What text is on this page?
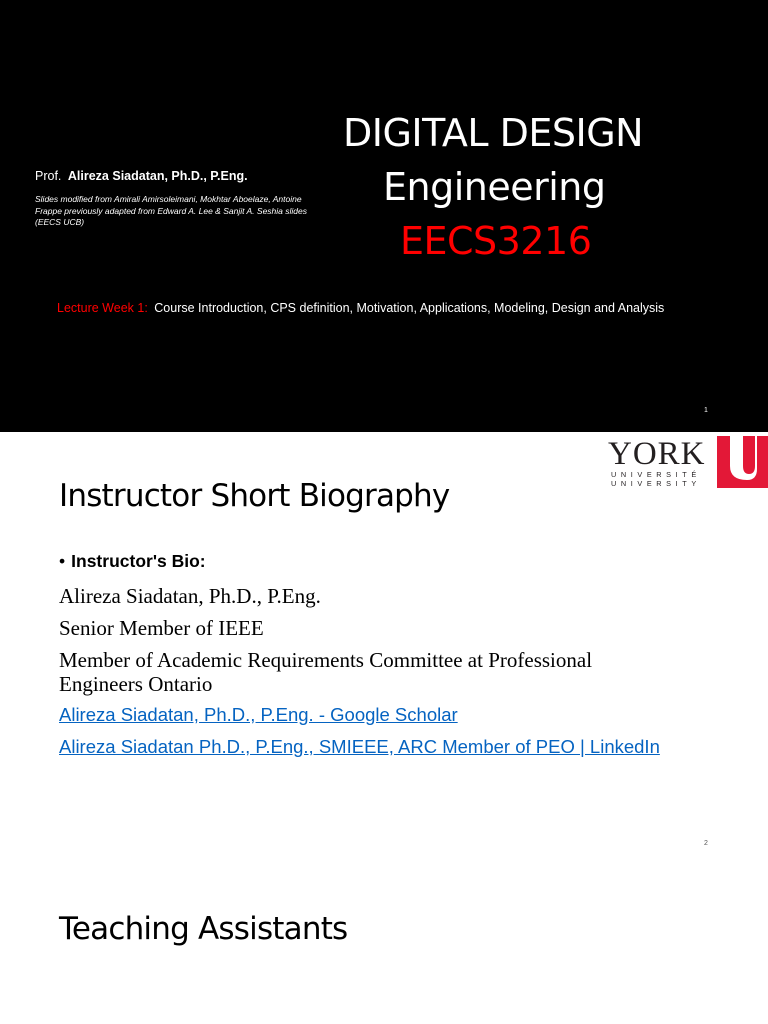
Prof. Alireza Siadatan, Ph.D., P.Eng.
Slides modified from Amirali Amirsoleimani, Mokhtar Aboelaze, Antoine Frappe previously adapted from Edward A. Lee & Sanjit A. Seshia slides (EECS UCB)
DIGITAL DESIGN
Engineering
EECS3216
Lecture Week 1: Course Introduction, CPS definition, Motivation, Applications, Modeling, Design and Analysis
1
YORK
UNIVERSITÉ
UNIVERSITY
Instructor Short Biography
• Instructor's Bio:
Alireza Siadatan, Ph.D., P.Eng.
Senior Member of IEEE
Member of Academic Requirements Committee at Professional
Engineers Ontario
Alireza Siadatan, Ph.D., P.Eng. - Google Scholar
Alireza Siadatan Ph.D., P.Eng., SMIEEE, ARC Member of PEO | LinkedIn
2
Teaching Assistants
